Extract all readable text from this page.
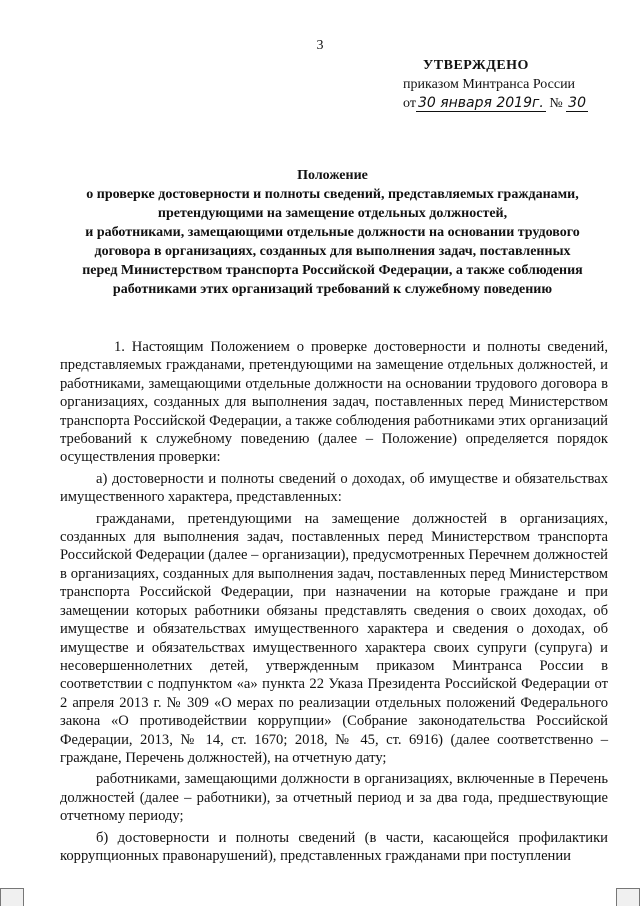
3
УТВЕРЖДЕНО
приказом Минтранса России
от 30 января 2019г. № 30
Положение
о проверке достоверности и полноты сведений, представляемых гражданами,
претендующими на замещение отдельных должностей,
и работниками, замещающими отдельные должности на основании трудового
договора в организациях, созданных для выполнения задач, поставленных
перед Министерством транспорта Российской Федерации, а также соблюдения
работниками этих организаций требований к служебному поведению

1. Настоящим Положением о проверке достоверности и полноты сведений, представляемых гражданами, претендующими на замещение отдельных должностей, и работниками, замещающими отдельные должности на основании трудового договора в организациях, созданных для выполнения задач, поставленных перед Министерством транспорта Российской Федерации, а также соблюдения работниками этих организаций требований к служебному поведению (далее – Положение) определяется порядок осуществления проверки:

а) достоверности и полноты сведений о доходах, об имуществе и обязательствах имущественного характера, представленных:

гражданами, претендующими на замещение должностей в организациях, созданных для выполнения задач, поставленных перед Министерством транспорта Российской Федерации (далее – организации), предусмотренных Перечнем должностей в организациях, созданных для выполнения задач, поставленных перед Министерством транспорта Российской Федерации, при назначении на которые граждане и при замещении которых работники обязаны представлять сведения о своих доходах, об имуществе и обязательствах имущественного характера и сведения о доходах, об имуществе и обязательствах имущественного характера своих супруги (супруга) и несовершеннолетних детей, утвержденным приказом Минтранса России в соответствии с подпунктом «а» пункта 22 Указа Президента Российской Федерации от 2 апреля 2013 г. № 309 «О мерах по реализации отдельных положений Федерального закона «О противодействии коррупции» (Собрание законодательства Российской Федерации, 2013, № 14, ст. 1670; 2018, № 45, ст. 6916) (далее соответственно – граждане, Перечень должностей), на отчетную дату;

работниками, замещающими должности в организациях, включенные в Перечень должностей (далее – работники), за отчетный период и за два года, предшествующие отчетному периоду;

б) достоверности и полноты сведений (в части, касающейся профилактики коррупционных правонарушений), представленных гражданами при поступлении
